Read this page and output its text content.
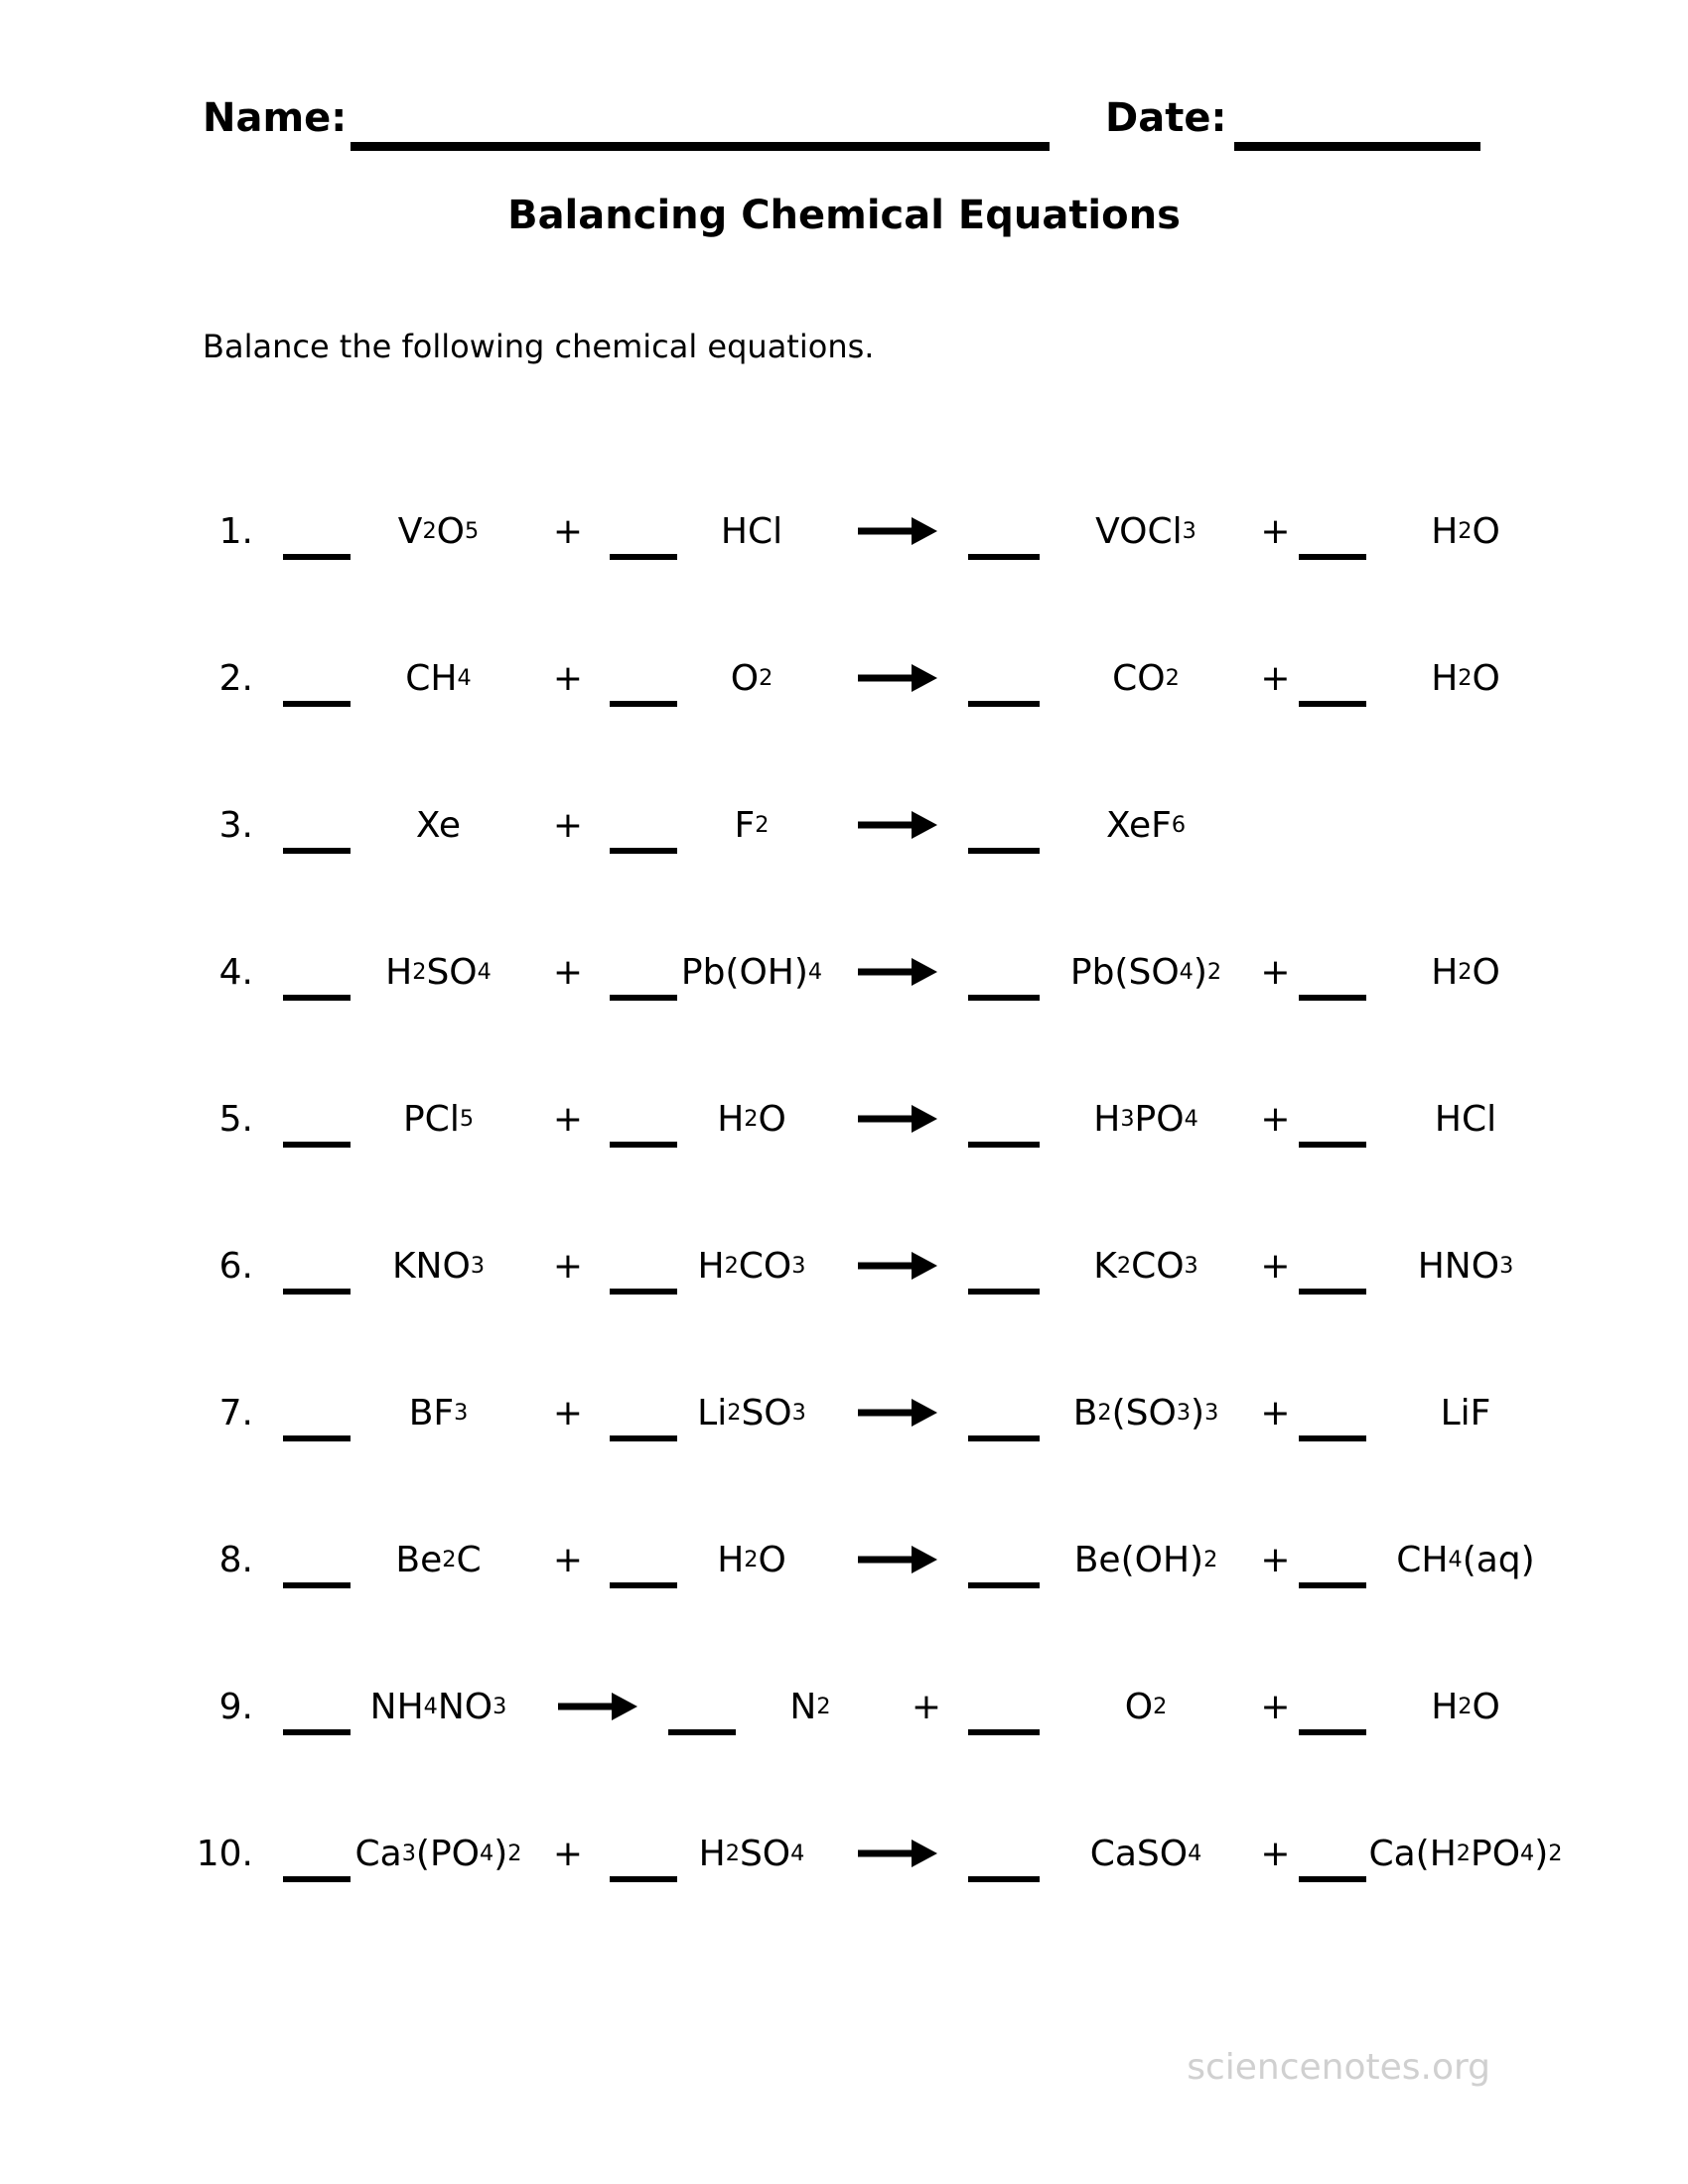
Name:	Date:
Balancing Chemical Equations
Balance the following chemical equations.
1.	V 2 O 5	+	HCl	VOCl 3 +	H 2 O
2.	CH 4	+	O 2	CO 2 +	H 2 O
3.	Xe	+	F 2	XeF 6
4.	H 2 SO 4	+	Pb(OH) 4	Pb(SO 4 ) 2 +	H 2 O
5.	PCl 5	+	H 2 O	H 3 PO 4 +	HCl
6.	KNO 3	+	H 2 CO 3	K 2 CO 3 +	HNO 3
7.	BF 3	+	Li 2 SO 3	B 2 (SO 3 ) 3 +	LiF
8.	Be 2 C	+	H 2 O	Be(OH) 2 +	CH 4 (aq)
9.	NH 4 NO 3	N 2	+	O 2	+	H 2 O
10.	Ca 3 (PO 4 ) 2 +	H 2 SO 4	CaSO 4 + Ca(H 2 PO 4 ) 2
sciencenotes.org
